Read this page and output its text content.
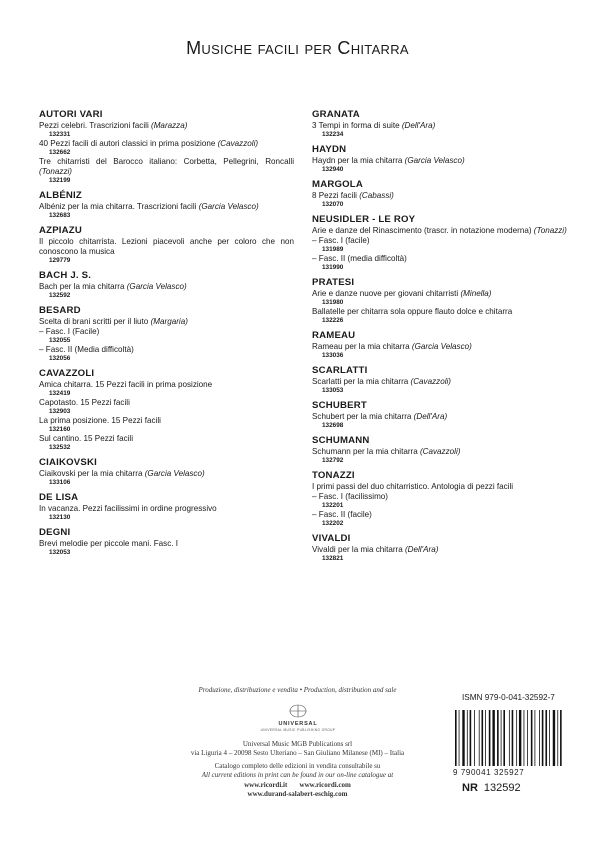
Musiche facili per Chitarra
AUTORI VARI
Pezzi celebri. Trascrizioni facili (Marazza)
132331
40 Pezzi facili di autori classici in prima posizione (Cavazzoli)
132662
Tre chitarristi del Barocco italiano: Corbetta, Pellegrini, Roncalli (Tonazzi)
132199
ALBÉNIZ
Albéniz per la mia chitarra. Trascrizioni facili (Garcia Velasco)
132683
AZPIAZU
Il piccolo chitarrista. Lezioni piacevoli anche per coloro che non conoscono la musica
129779
BACH J. S.
Bach per la mia chitarra (Garcia Velasco)
132592
BESARD
Scelta di brani scritti per il liuto (Margaria)
– Fasc. I (Facile)
132055
– Fasc. II (Media difficoltà)
132056
CAVAZZOLI
Amica chitarra. 15 Pezzi facili in prima posizione
132419
Capotasto. 15 Pezzi facili
132903
La prima posizione. 15 Pezzi facili
132160
Sul cantino. 15 Pezzi facili
132532
CIAIKOVSKI
Ciaikovski per la mia chitarra (Garcia Velasco)
133106
DE LISA
In vacanza. Pezzi facilissimi in ordine progressivo
132130
DEGNI
Brevi melodie per piccole mani. Fasc. I
132053
GRANATA
3 Tempi in forma di suite (Dell'Ara)
132234
HAYDN
Haydn per la mia chitarra (Garcia Velasco)
132940
MARGOLA
8 Pezzi facili (Cabassi)
132070
NEUSIDLER - LE ROY
Arie e danze del Rinascimento (trascr. in notazione moderna) (Tonazzi)
– Fasc. I (facile)
131989
– Fasc. II (media difficoltà)
131990
PRATESI
Arie e danze nuove per giovani chitarristi (Minella)
131980
Ballatelle per chitarra sola oppure flauto dolce e chitarra
132226
RAMEAU
Rameau per la mia chitarra (Garcia Velasco)
133036
SCARLATTI
Scarlatti per la mia chitarra (Cavazzoli)
133053
SCHUBERT
Schubert per la mia chitarra (Dell'Ara)
132698
SCHUMANN
Schumann per la mia chitarra (Cavazzoli)
132792
TONAZZI
I primi passi del duo chitarristico. Antologia di pezzi facili
– Fasc. I (facilissimo)
132201
– Fasc. II (facile)
132202
VIVALDI
Vivaldi per la mia chitarra (Dell'Ara)
132821
Produzione, distribuzione e vendita • Production, distribution and sale
UNIVERSAL
UNIVERSAL MUSIC PUBLISHING GROUP
Universal Music MGB Publications srl
via Liguria 4 – 20098 Sesto Ulteriano – San Giuliano Milanese (MI) – Italia
Catalogo completo delle edizioni in vendita consultabile su
All current editions in print can be found in our on-line catalogue at
www.ricordi.it www.ricordi.com
www.durand-salabert-eschig.com
ISMN 979-0-041-32592-7
9 790041 325927
NR 132592
